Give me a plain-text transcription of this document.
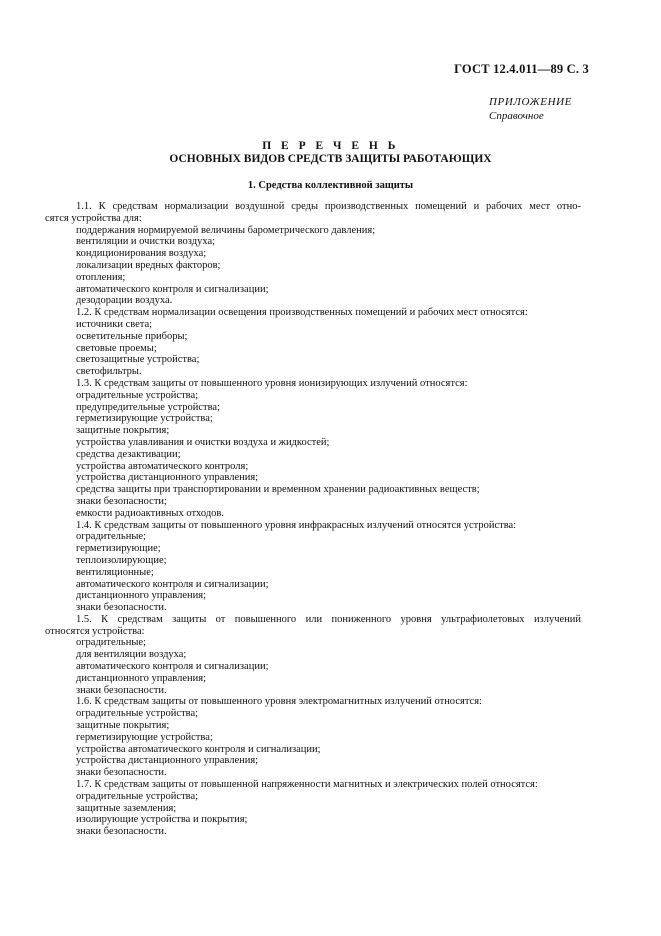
ГОСТ 12.4.011—89 С. 3
ПРИЛОЖЕНИЕ
Справочное
П Е Р Е Ч Е Н Ь
ОСНОВНЫХ ВИДОВ СРЕДСТВ ЗАЩИТЫ РАБОТАЮЩИХ
1. Средства коллективной защиты
1.1. К средствам нормализации воздушной среды производственных помещений и рабочих мест отно-
сятся устройства для:
поддержания нормируемой величины барометрического давления;
вентиляции и очистки воздуха;
кондиционирования воздуха;
локализации вредных факторов;
отопления;
автоматического контроля и сигнализации;
дезодорации воздуха.
1.2. К средствам нормализации освещения производственных помещений и рабочих мест относятся:
источники света;
осветительные приборы;
световые проемы;
светозащитные устройства;
светофильтры.
1.3. К средствам защиты от повышенного уровня ионизирующих излучений относятся:
оградительные устройства;
предупредительные устройства;
герметизирующие устройства;
защитные покрытия;
устройства улавливания и очистки воздуха и жидкостей;
средства дезактивации;
устройства автоматического контроля;
устройства дистанционного управления;
средства защиты при транспортировании и временном хранении радиоактивных веществ;
знаки безопасности;
емкости радиоактивных отходов.
1.4. К средствам защиты от повышенного уровня инфракрасных излучений относятся устройства:
оградительные;
герметизирующие;
теплоизолирующие;
вентиляционные;
автоматического контроля и сигнализации;
дистанционного управления;
знаки безопасности.
1.5. К средствам защиты от повышенного или пониженного уровня ультрафиолетовых излучений
относятся устройства:
оградительные;
для вентиляции воздуха;
автоматического контроля и сигнализации;
дистанционного управления;
знаки безопасности.
1.6. К средствам защиты от повышенного уровня электромагнитных излучений относятся:
оградительные устройства;
защитные покрытия;
герметизирующие устройства;
устройства автоматического контроля и сигнализации;
устройства дистанционного управления;
знаки безопасности.
1.7. К средствам защиты от повышенной напряженности магнитных и электрических полей относятся:
оградительные устройства;
защитные заземления;
изолирующие устройства и покрытия;
знаки безопасности.
